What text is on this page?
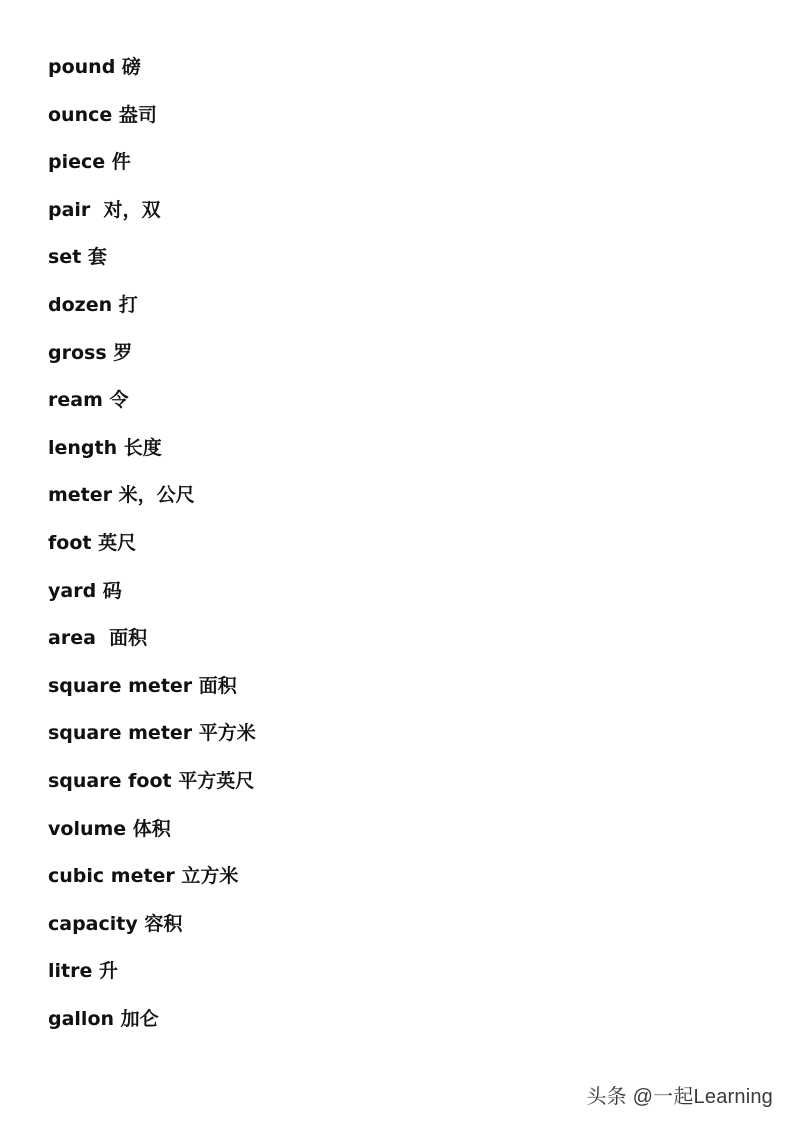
pound 磅
ounce 盎司
piece 件
pair  对，双
set 套
dozen 打
gross 罗
ream 令
length 长度
meter 米，公尺
foot 英尺
yard 码
area  面积
square meter 面积
square meter 平方米
square foot 平方英尺
volume 体积
cubic meter 立方米
capacity 容积
litre 升
gallon 加仑
头条 @一起Learning
